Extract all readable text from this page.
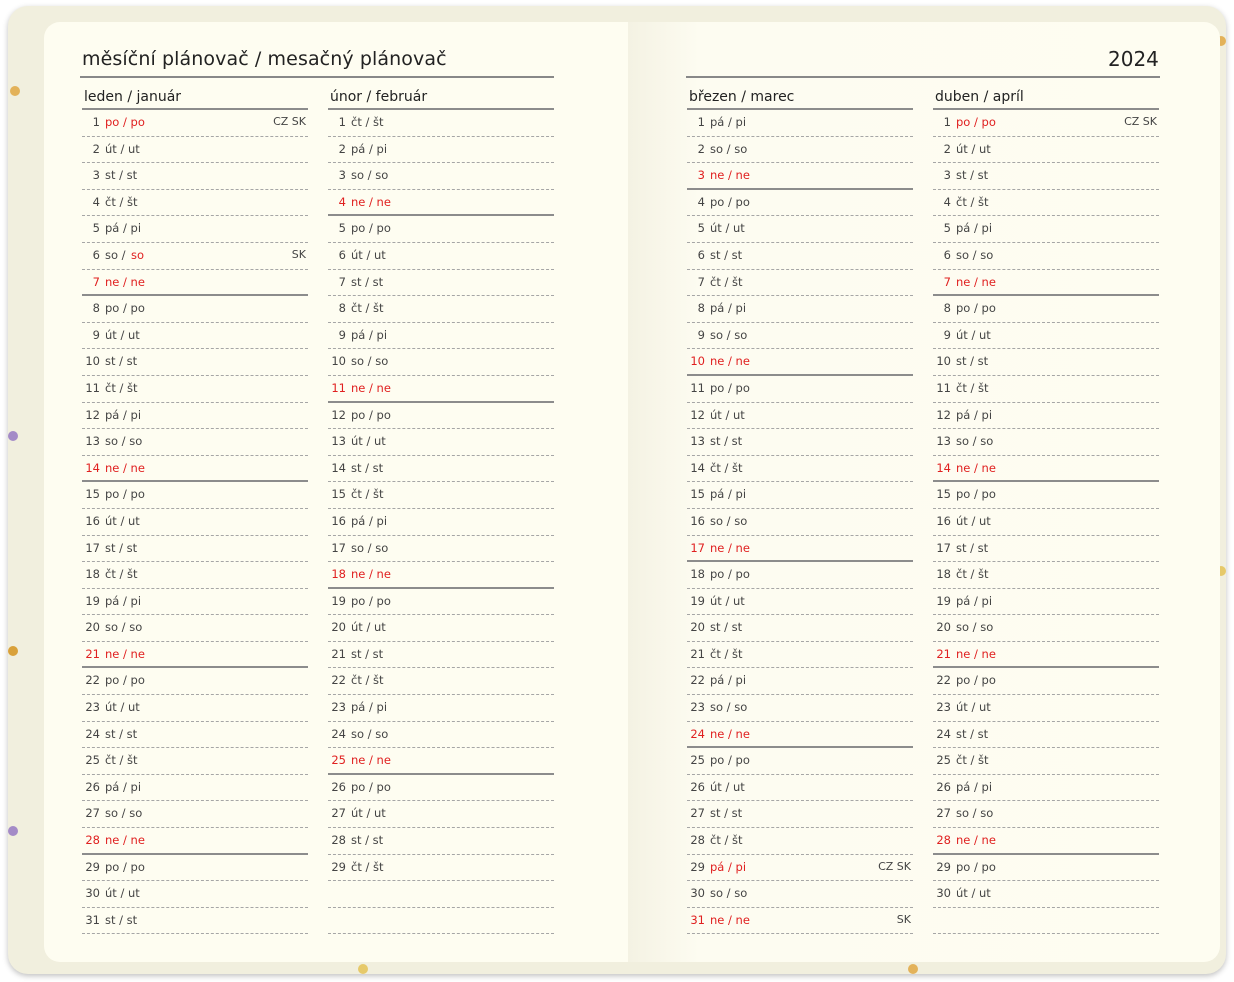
měsíční plánovač / mesačný plánovač	2024
leden / január
1 po / po	CZ SK
2 út / ut
3 st / st
4 čt / št
5 pá / pi
6 so / so	SK
7 ne / ne
8 po / po
9 út / ut
10 st / st
11 čt / št
12 pá / pi
13 so / so
14 ne / ne
15 po / po
16 út / ut
17 st / st
18 čt / št
19 pá / pi
20 so / so
21 ne / ne
22 po / po
23 út / ut
24 st / st
25 čt / št
26 pá / pi
27 so / so
28 ne / ne
29 po / po
30 út / ut
31 st / st
únor / február
1 čt / št
2 pá / pi
3 so / so
4 ne / ne
5 po / po
6 út / ut
7 st / st
8 čt / št
9 pá / pi
10 so / so
11 ne / ne
12 po / po
13 út / ut
14 st / st
15 čt / št
16 pá / pi
17 so / so
18 ne / ne
19 po / po
20 út / ut
21 st / st
22 čt / št
23 pá / pi
24 so / so
25 ne / ne
26 po / po
27 út / ut
28 st / st
29 čt / št
březen / marec
1 pá / pi
2 so / so
3 ne / ne
4 po / po
5 út / ut
6 st / st
7 čt / št
8 pá / pi
9 so / so
10 ne / ne
11 po / po
12 út / ut
13 st / st
14 čt / št
15 pá / pi
16 so / so
17 ne / ne
18 po / po
19 út / ut
20 st / st
21 čt / št
22 pá / pi
23 so / so
24 ne / ne
25 po / po
26 út / ut
27 st / st
28 čt / št
29 pá / pi	CZ SK
30 so / so
31 ne / ne	SK
duben / apríl
1 po / po	CZ SK
2 út / ut
3 st / st
4 čt / št
5 pá / pi
6 so / so
7 ne / ne
8 po / po
9 út / ut
10 st / st
11 čt / št
12 pá / pi
13 so / so
14 ne / ne
15 po / po
16 út / ut
17 st / st
18 čt / št
19 pá / pi
20 so / so
21 ne / ne
22 po / po
23 út / ut
24 st / st
25 čt / št
26 pá / pi
27 so / so
28 ne / ne
29 po / po
30 út / ut
